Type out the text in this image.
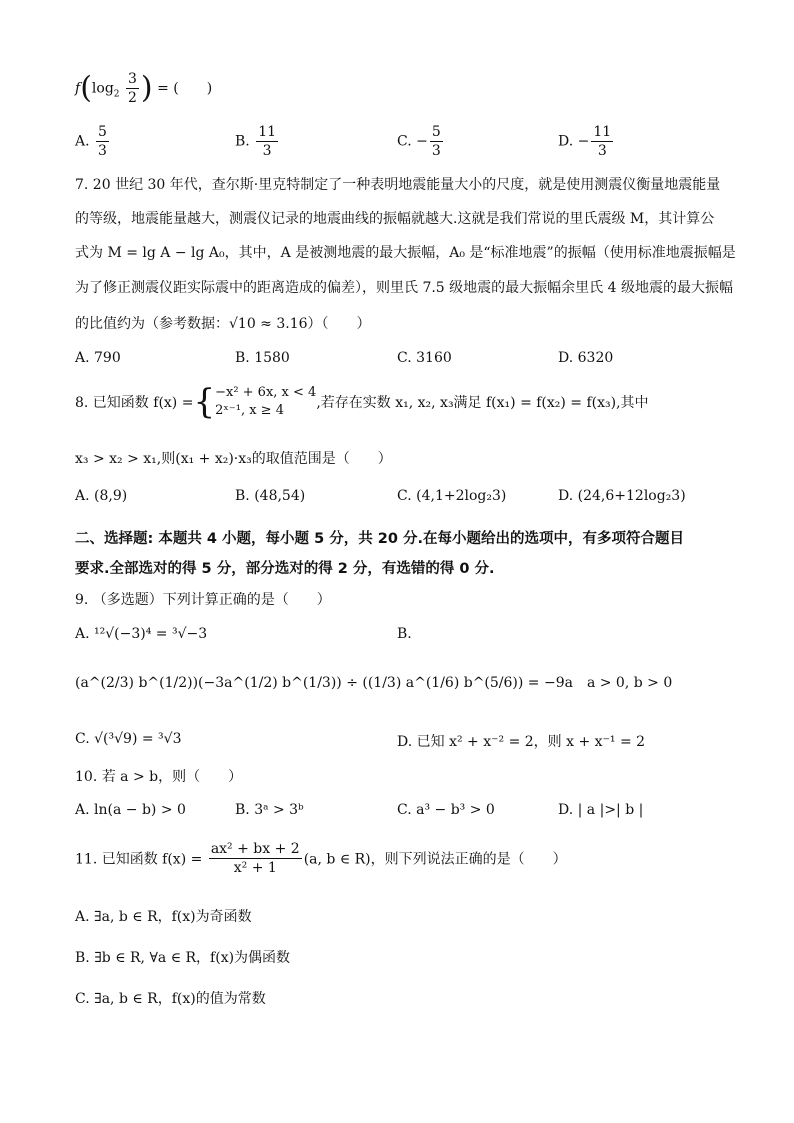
$f(\log_2 \frac{3}{2}$ ) = (　　)
A. $\frac{5}{3}$	B. $\frac{11}{3}$	C. − $\frac{5}{3}$	D. − $\frac{11}{3}$
7. 20 世纪 30 年代，查尔斯·里克特制定了一种表明地震能量大小的尺度，就是使用测震仪衡量地震能量
的等级，地震能量越大，测震仪记录的地震曲线的振幅就越大.这就是我们常说的里氏震级 M，其计算公
式为 M = lg A − lg A₀，其中，A 是被测地震的最大振幅，A₀ 是“标准地震”的振幅（使用标准地震振幅是
为了修正测震仪距实际震中的距离造成的偏差），则里氏 7.5 级地震的最大振幅余里氏 4 级地震的最大振幅
的比值约为（参考数据：√10 ≈ 3.16）（　　）
A. 790	B. 1580	C. 3160	D. 6320
8. 已知函数 f(x) ={ −x² + 6x, x < 4
2ˣ⁻¹, x ≥ 4	,若存在实数 x₁, x₂, x₃满足 f(x₁) = f(x₂) = f(x₃),其中
x₃ > x₂ > x₁,则(x₁ + x₂)·x₃的取值范围是（　　）
A. (8,9)	B. (48,54)	C. (4,1+2log₂3)	D. (24,6+12log₂3)
二、选择题: 本题共 4 小题，每小题 5 分，共 20 分.在每小题给出的选项中，有多项符合题目
要求.全部选对的得 5 分，部分选对的得 2 分，有选错的得 0 分.
9. （多选题）下列计算正确的是（　　）
A. ¹²√(−3)⁴ = ³√−3	B.
(a^(2/3) b^(1/2))(−3a^(1/2) b^(1/3)) ÷ ((1/3) a^(1/6) b^(5/6)) = −9a　a > 0, b > 0
C. √(³√9) = ³√3	D. 已知 x² + x⁻² = 2，则 x + x⁻¹ = 2
10. 若 a > b，则（　　）
A. ln(a − b) > 0	B. 3ᵃ > 3ᵇ	C. a³ − b³ > 0	D. | a |>| b |
11. 已知函数 $f(x) = \frac{\text{ax² + bx + 2}}{\text{x² + 1}} (a$, b ∈ R)，则下列说法正确的是（　　）
A. ∃a, b ∈ R，f(x)为奇函数
B. ∃b ∈ R, ∀a ∈ R，f(x)为偶函数
C. ∃a, b ∈ R，f(x)的值为常数
